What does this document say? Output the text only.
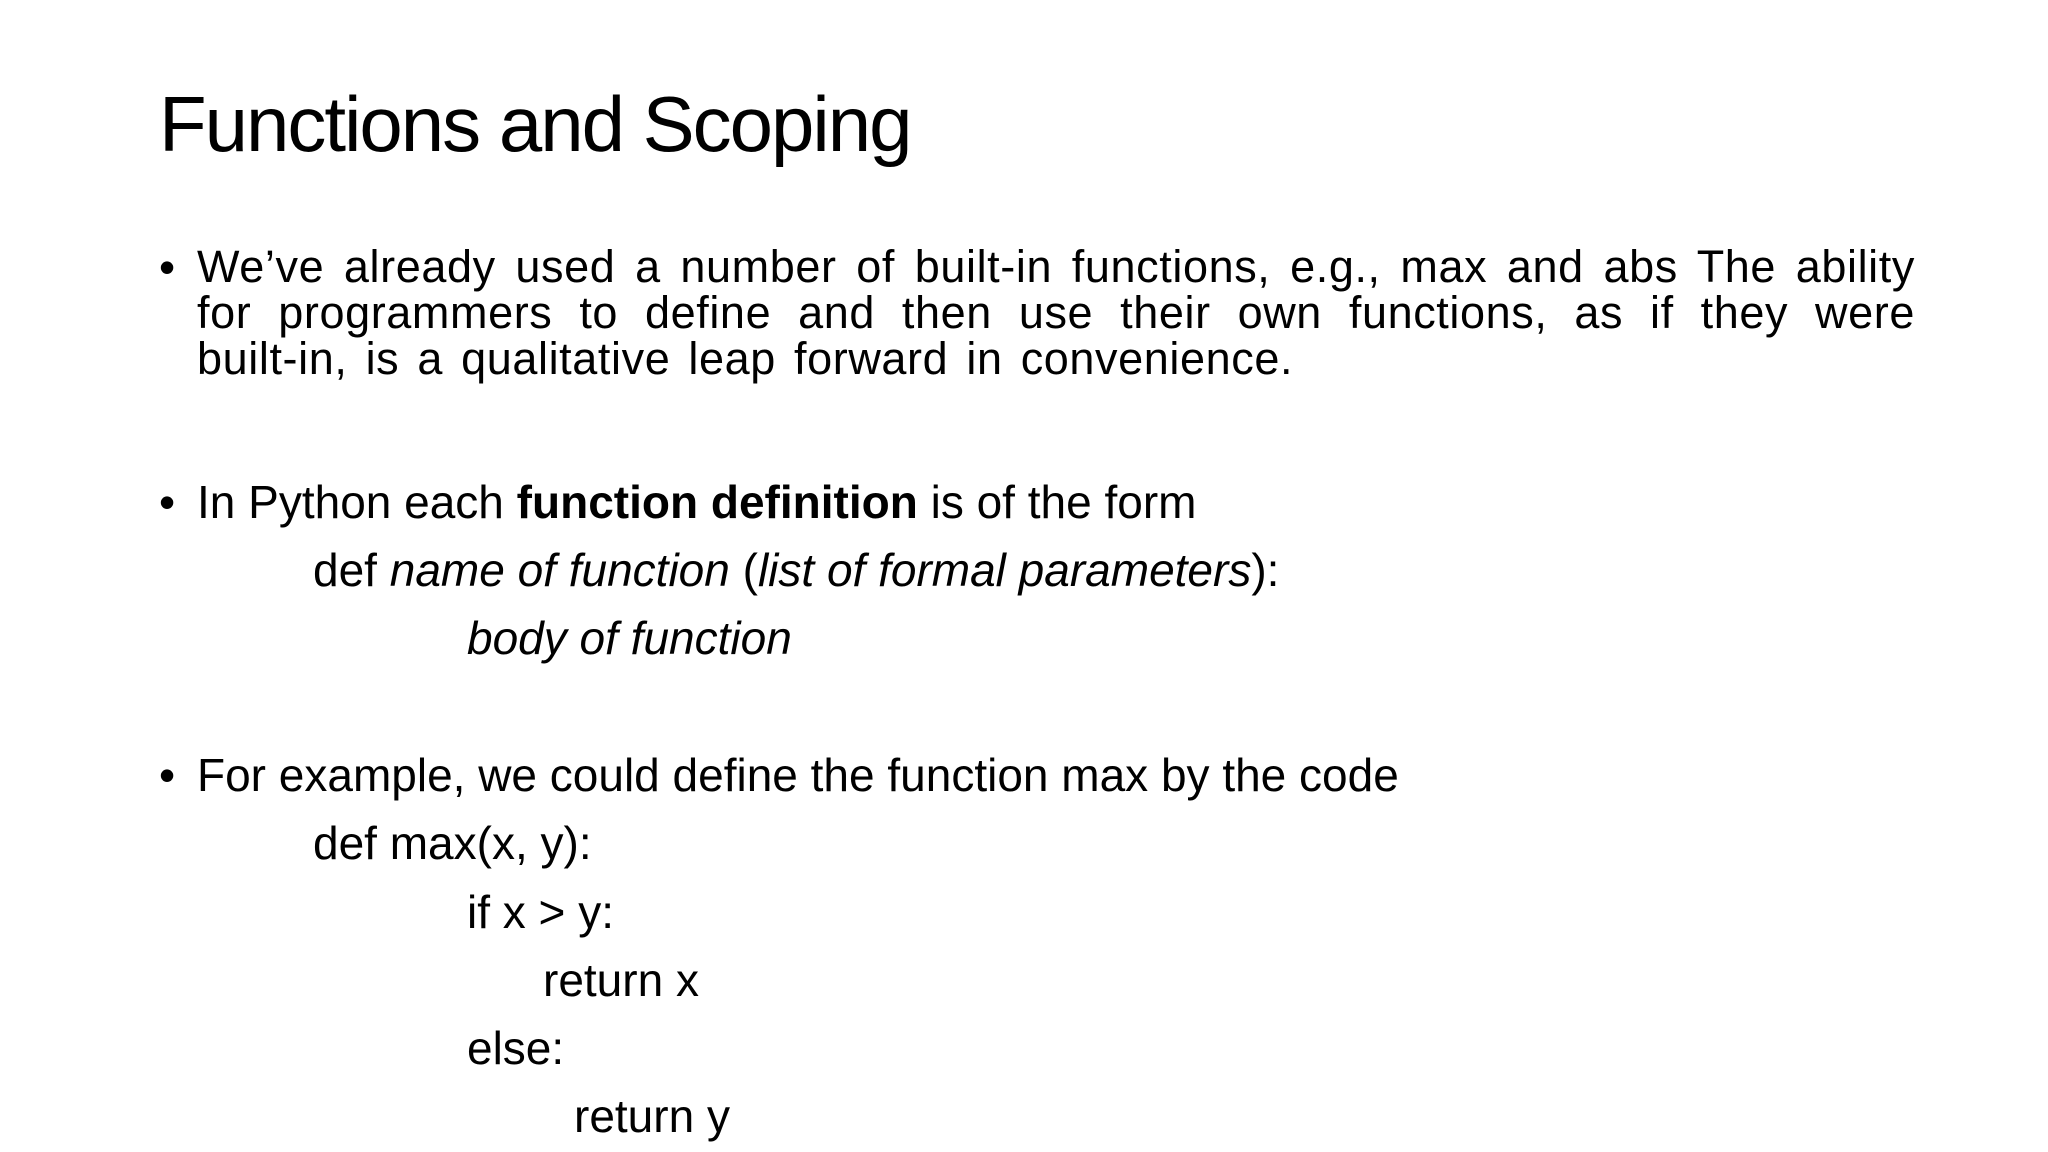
Functions and Scoping
• We’ve already used a number of built-in functions, e.g., max and abs The ability for programmers to define and then use their own functions, as if they were built-in, is a qualitative leap forward in convenience.
• In Python each function definition is of the form
def name of function (list of formal parameters):
body of function
• For example, we could define the function max by the code
def max(x, y):
if x > y:
return x
else:
return y
